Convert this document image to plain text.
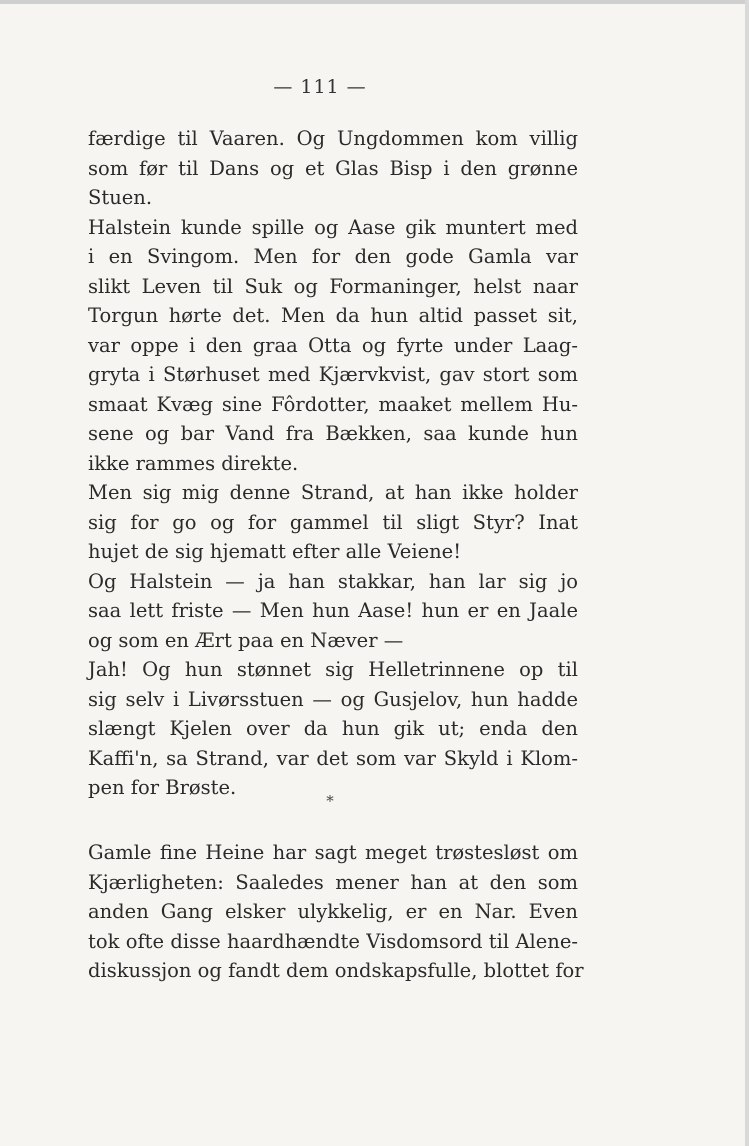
— 111 —
færdige til Vaaren. Og Ungdommen kom villig
som før til Dans og et Glas Bisp i den grønne
Stuen.
Halstein kunde spille og Aase gik muntert med
i en Svingom. Men for den gode Gamla var
slikt Leven til Suk og Formaninger, helst naar
Torgun hørte det. Men da hun altid passet sit,
var oppe i den graa Otta og fyrte under Laag-
gryta i Størhuset med Kjærvkvist, gav stort som
smaat Kvæg sine Fôrdotter, maaket mellem Hu-
sene og bar Vand fra Bækken, saa kunde hun
ikke rammes direkte.
Men sig mig denne Strand, at han ikke holder
sig for go og for gammel til sligt Styr? Inat
hujet de sig hjematt efter alle Veiene!
Og Halstein — ja han stakkar, han lar sig jo
saa lett friste — Men hun Aase! hun er en Jaale
og som en Ært paa en Næver —
Jah! Og hun stønnet sig Helletrinnene op til
sig selv i Livørsstuen — og Gusjelov, hun hadde
slængt Kjelen over da hun gik ut; enda den
Kaffi'n, sa Strand, var det som var Skyld i Klom-
pen for Brøste.
*
Gamle fine Heine har sagt meget trøstesløst om
Kjærligheten: Saaledes mener han at den som
anden Gang elsker ulykkelig, er en Nar. Even
tok ofte disse haardhændte Visdomsord til Alene-
diskussjon og fandt dem ondskapsfulle, blottet for
